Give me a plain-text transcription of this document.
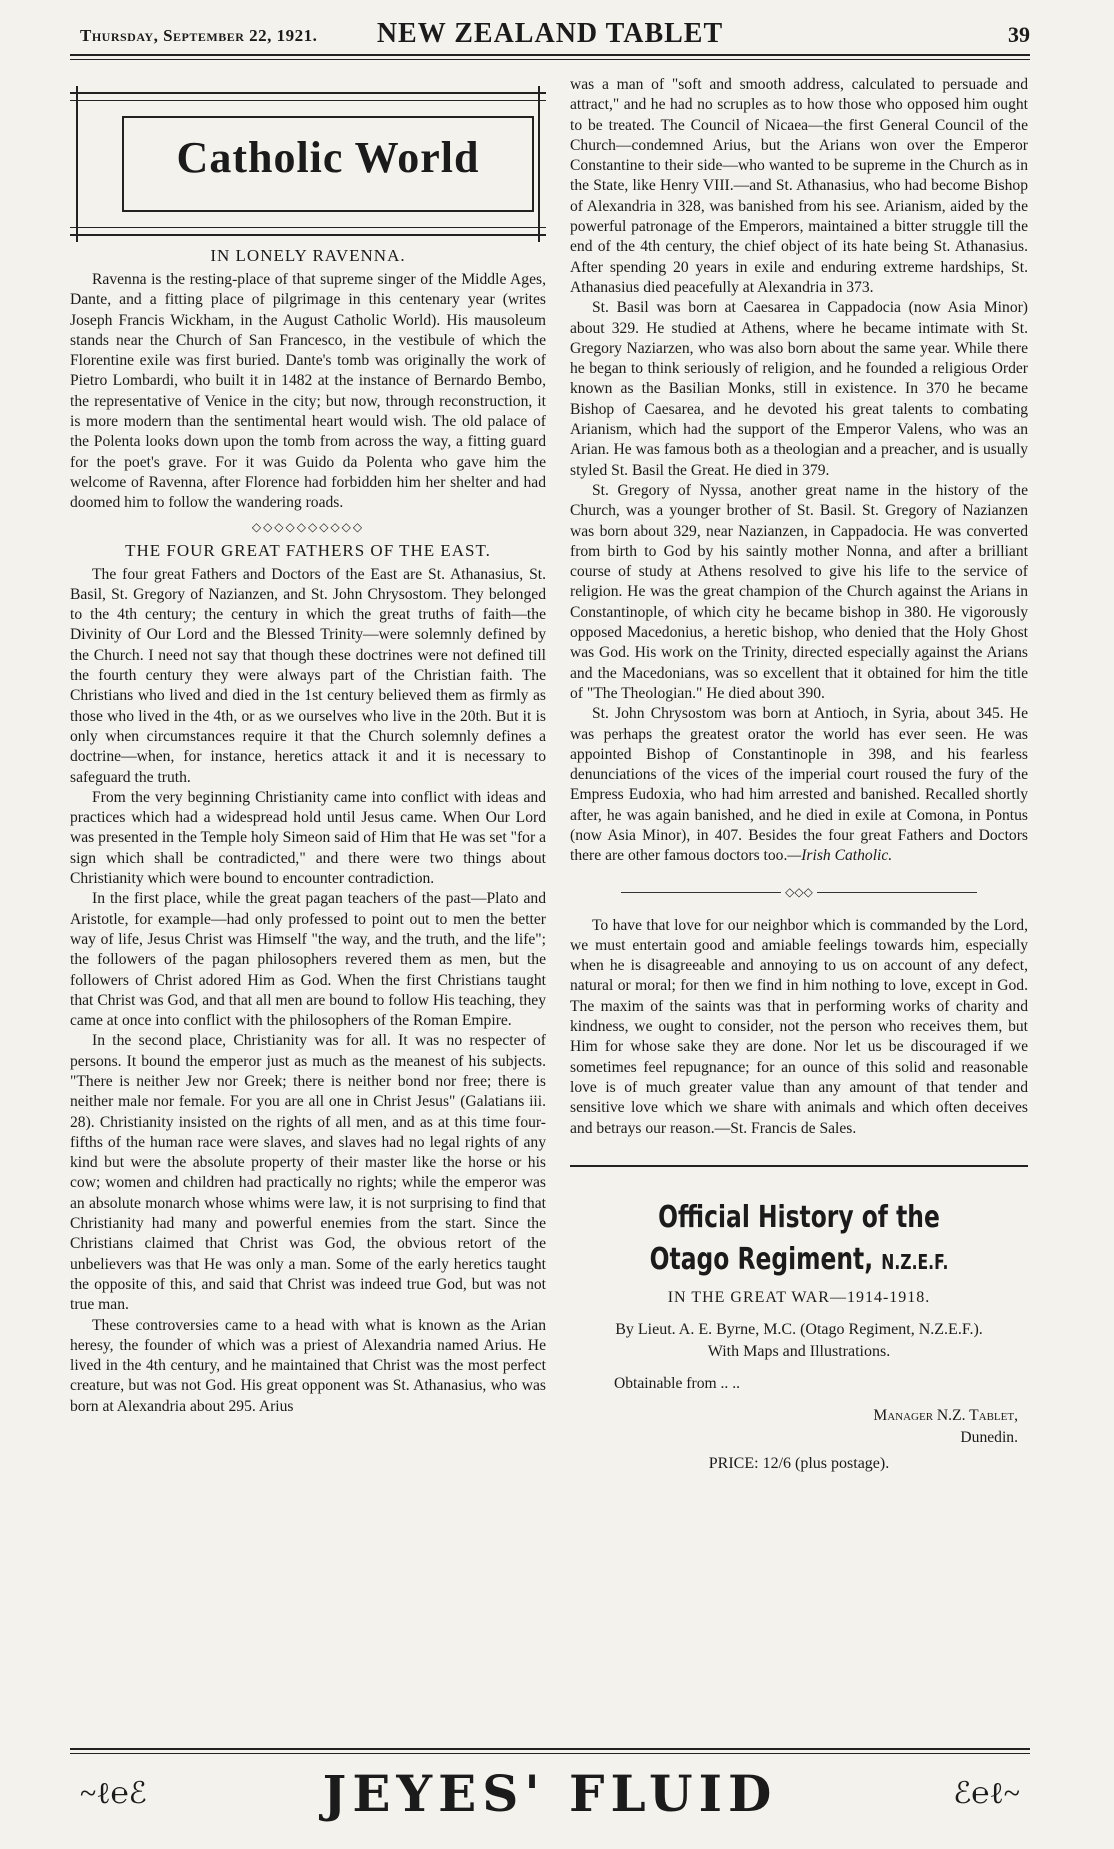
Thursday, September 22, 1921.	NEW ZEALAND TABLET	39
Catholic World
IN LONELY RAVENNA.

Ravenna is the resting-place of that supreme singer of the Middle Ages, Dante, and a fitting place of pilgrimage in this centenary year (writes Joseph Francis Wickham, in the August Catholic World). His mausoleum stands near the Church of San Francesco, in the vestibule of which the Florentine exile was first buried. Dante's tomb was originally the work of Pietro Lombardi, who built it in 1482 at the instance of Bernardo Bembo, the representative of Venice in the city; but now, through reconstruction, it is more modern than the sentimental heart would wish. The old palace of the Polenta looks down upon the tomb from across the way, a fitting guard for the poet's grave. For it was Guido da Polenta who gave him the welcome of Ravenna, after Florence had forbidden him her shelter and had doomed him to follow the wandering roads.

◇◇◇◇◇◇◇◇◇◇
THE FOUR GREAT FATHERS OF THE EAST.

The four great Fathers and Doctors of the East are St. Athanasius, St. Basil, St. Gregory of Nazianzen, and St. John Chrysostom. They belonged to the 4th century; the century in which the great truths of faith—the Divinity of Our Lord and the Blessed Trinity—were solemnly defined by the Church. I need not say that though these doctrines were not defined till the fourth century they were always part of the Christian faith. The Christians who lived and died in the 1st century believed them as firmly as those who lived in the 4th, or as we ourselves who live in the 20th. But it is only when circumstances require it that the Church solemnly defines a doctrine—when, for instance, heretics attack it and it is necessary to safeguard the truth.

From the very beginning Christianity came into conflict with ideas and practices which had a widespread hold until Jesus came. When Our Lord was presented in the Temple holy Simeon said of Him that He was set "for a sign which shall be contradicted," and there were two things about Christianity which were bound to encounter contradiction.

In the first place, while the great pagan teachers of the past—Plato and Aristotle, for example—had only professed to point out to men the better way of life, Jesus Christ was Himself "the way, and the truth, and the life"; the followers of the pagan philosophers revered them as men, but the followers of Christ adored Him as God. When the first Christians taught that Christ was God, and that all men are bound to follow His teaching, they came at once into conflict with the philosophers of the Roman Empire.

In the second place, Christianity was for all. It was no respecter of persons. It bound the emperor just as much as the meanest of his subjects. "There is neither Jew nor Greek; there is neither bond nor free; there is neither male nor female. For you are all one in Christ Jesus" (Galatians iii. 28). Christianity insisted on the rights of all men, and as at this time four-fifths of the human race were slaves, and slaves had no legal rights of any kind but were the absolute property of their master like the horse or his cow; women and children had practically no rights; while the emperor was an absolute monarch whose whims were law, it is not surprising to find that Christianity had many and powerful enemies from the start. Since the Christians claimed that Christ was God, the obvious retort of the unbelievers was that He was only a man. Some of the early heretics taught the opposite of this, and said that Christ was indeed true God, but was not true man.

These controversies came to a head with what is known as the Arian heresy, the founder of which was a priest of Alexandria named Arius. He lived in the 4th century, and he maintained that Christ was the most perfect creature, but was not God. His great opponent was St. Athanasius, who was born at Alexandria about 295. Arius

was a man of "soft and smooth address, calculated to persuade and attract," and he had no scruples as to how those who opposed him ought to be treated. The Council of Nicaea—the first General Council of the Church—condemned Arius, but the Arians won over the Emperor Constantine to their side—who wanted to be supreme in the Church as in the State, like Henry VIII.—and St. Athanasius, who had become Bishop of Alexandria in 328, was banished from his see. Arianism, aided by the powerful patronage of the Emperors, maintained a bitter struggle till the end of the 4th century, the chief object of its hate being St. Athanasius. After spending 20 years in exile and enduring extreme hardships, St. Athanasius died peacefully at Alexandria in 373.

St. Basil was born at Caesarea in Cappadocia (now Asia Minor) about 329. He studied at Athens, where he became intimate with St. Gregory Naziarzen, who was also born about the same year. While there he began to think seriously of religion, and he founded a religious Order known as the Basilian Monks, still in existence. In 370 he became Bishop of Caesarea, and he devoted his great talents to combating Arianism, which had the support of the Emperor Valens, who was an Arian. He was famous both as a theologian and a preacher, and is usually styled St. Basil the Great. He died in 379.

St. Gregory of Nyssa, another great name in the history of the Church, was a younger brother of St. Basil. St. Gregory of Nazianzen was born about 329, near Nazianzen, in Cappadocia. He was converted from birth to God by his saintly mother Nonna, and after a brilliant course of study at Athens resolved to give his life to the service of religion. He was the great champion of the Church against the Arians in Constantinople, of which city he became bishop in 380. He vigorously opposed Macedonius, a heretic bishop, who denied that the Holy Ghost was God. His work on the Trinity, directed especially against the Arians and the Macedonians, was so excellent that it obtained for him the title of "The Theologian." He died about 390.

St. John Chrysostom was born at Antioch, in Syria, about 345. He was perhaps the greatest orator the world has ever seen. He was appointed Bishop of Constantinople in 398, and his fearless denunciations of the vices of the imperial court roused the fury of the Empress Eudoxia, who had him arrested and banished. Recalled shortly after, he was again banished, and he died in exile at Comona, in Pontus (now Asia Minor), in 407. Besides the four great Fathers and Doctors there are other famous doctors too.—Irish Catholic.

◇◇◇

To have that love for our neighbor which is commanded by the Lord, we must entertain good and amiable feelings towards him, especially when he is disagreeable and annoying to us on account of any defect, natural or moral; for then we find in him nothing to love, except in God. The maxim of the saints was that in performing works of charity and kindness, we ought to consider, not the person who receives them, but Him for whose sake they are done. Nor let us be discouraged if we sometimes feel repugnance; for an ounce of this solid and reasonable love is of much greater value than any amount of that tender and sensitive love which we share with animals and which often deceives and betrays our reason.—St. Francis de Sales.

Official History of the
Otago Regiment, N.Z.E.F.
IN THE GREAT WAR—1914-1918.
By Lieut. A. E. Byrne, M.C. (Otago Regiment, N.Z.E.F.).
With Maps and Illustrations.
Obtainable from .. ..
Manager N.Z. Tablet,
Dunedin.
PRICE: 12/6 (plus postage).
~ℓ℮ℰ	JEYES' FLUID	ℰ℮ℓ~
